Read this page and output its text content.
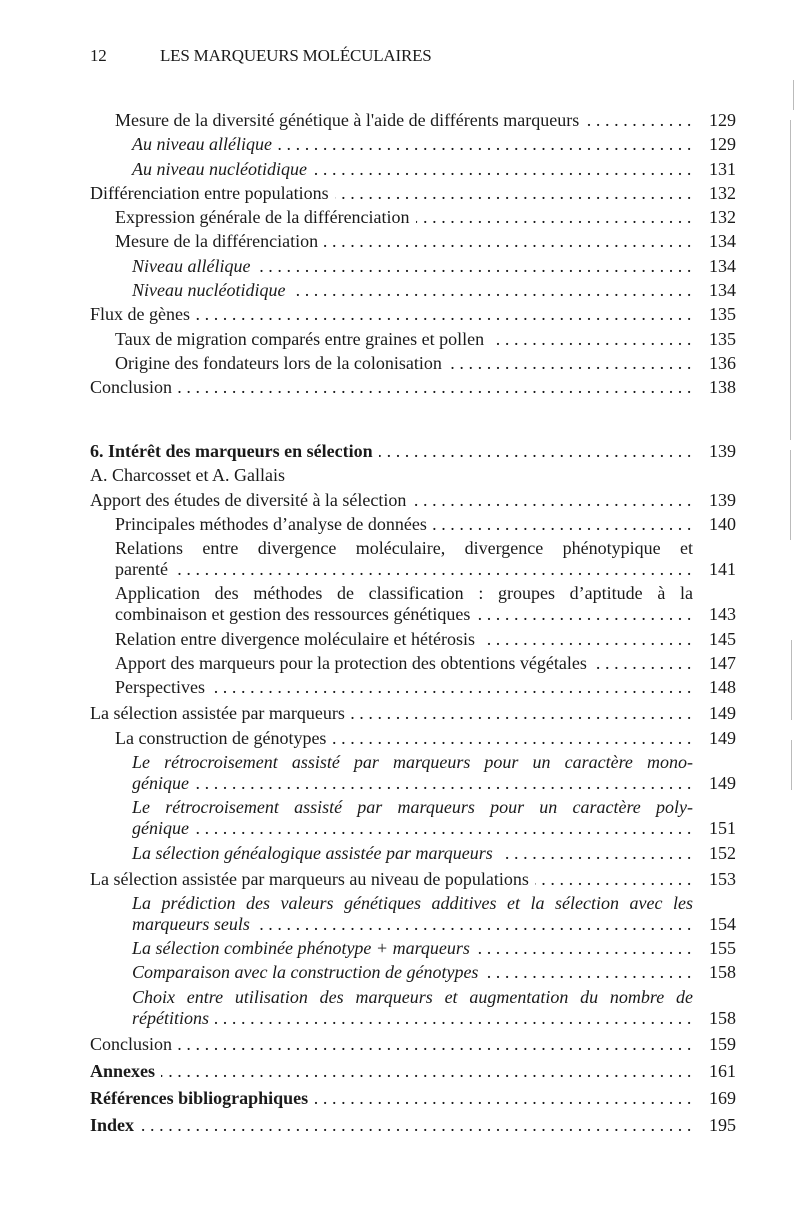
12	LES MARQUEURS MOLÉCULAIRES
Mesure de la diversité génétique à l'aide de différents marqueurs .....	129
Au niveau allélique .....	129
Au niveau nucléotidique .....	131
Différenciation entre populations .....	132
Expression générale de la différenciation .....	132
Mesure de la différenciation .....	134
Niveau allélique .....	134
Niveau nucléotidique .....	134
Flux de gènes .....	135
Taux de migration comparés entre graines et pollen .....	135
Origine des fondateurs lors de la colonisation .....	136
Conclusion .....	138
6. Intérêt des marqueurs en sélection .....	139
A. Charcosset et A. Gallais
Apport des études de diversité à la sélection .....	139
Principales méthodes d’analyse de données .....	140
Relations entre divergence moléculaire, divergence phénotypique et
parenté .....	141
Application des méthodes de classification : groupes d’aptitude à la
combinaison et gestion des ressources génétiques .....	143
Relation entre divergence moléculaire et hétérosis .....	145
Apport des marqueurs pour la protection des obtentions végétales .....	147
Perspectives .....	148
La sélection assistée par marqueurs .....	149
La construction de génotypes .....	149
Le rétrocroisement assisté par marqueurs pour un caractère mono-
génique .....	149
Le rétrocroisement assisté par marqueurs pour un caractère poly-
génique .....	151
La sélection généalogique assistée par marqueurs .....	152
La sélection assistée par marqueurs au niveau de populations .....	153
La prédiction des valeurs génétiques additives et la sélection avec les
marqueurs seuls .....	154
La sélection combinée phénotype + marqueurs .....	155
Comparaison avec la construction de génotypes .....	158
Choix entre utilisation des marqueurs et augmentation du nombre de
répétitions .....	158
Conclusion .....	159
Annexes .....	161
Références bibliographiques .....	169
Index .....	195
